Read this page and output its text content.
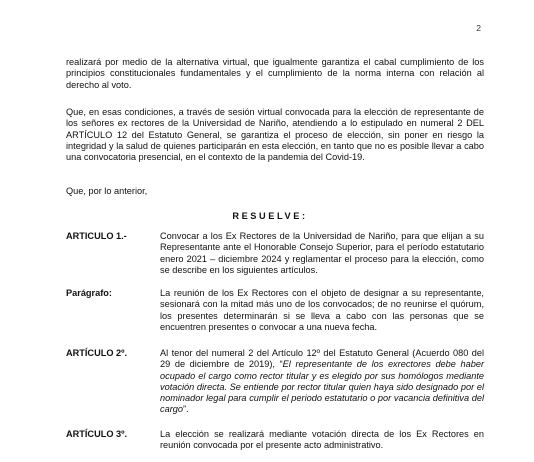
2

realizará por medio de la alternativa virtual, que igualmente garantiza el cabal cumplimiento de los principios constitucionales fundamentales y el cumplimiento de la norma interna con relación al derecho al voto.

Que, en esas condiciones, a través de sesión virtual convocada para la elección de representante de los señores ex rectores de la Universidad de Nariño, atendiendo a lo estipulado en numeral 2 DEL ARTÍCULO 12 del Estatuto General, se garantiza el proceso de elección, sin poner en riesgo la integridad y la salud de quienes participarán en esta elección, en tanto que no es posible llevar a cabo una convocatoria presencial, en el contexto de la pandemia del Covid-19.

Que, por lo anterior,

RESUELVE:
ARTICULO 1.-	Convocar a los Ex Rectores de la Universidad de Nariño, para que elijan a su Representante ante el Honorable Consejo Superior, para el período estatutario enero 2021 – diciembre 2024 y reglamentar el proceso para la elección, como se describe en los siguientes artículos.

Parágrafo:	La reunión de los Ex Rectores con el objeto de designar a su representante, sesionará con la mitad más uno de los convocados; de no reunirse el quórum, los presentes determinarán si se lleva a cabo con las personas que se encuentren presentes o convocar a una nueva fecha.

ARTÍCULO 2º.	Al tenor del numeral 2 del Artículo 12º del Estatuto General (Acuerdo 080 del 29 de diciembre de 2019), “El representante de los exrectores debe haber ocupado el cargo como rector titular y es elegido por sus homólogos mediante votación directa. Se entiende por rector titular quien haya sido designado por el nominador legal para cumplir el periodo estatutario o por vacancia definitiva del cargo”.

ARTÍCULO 3º.	La elección se realizará mediante votación directa de los Ex Rectores en reunión convocada por el presente acto administrativo.
